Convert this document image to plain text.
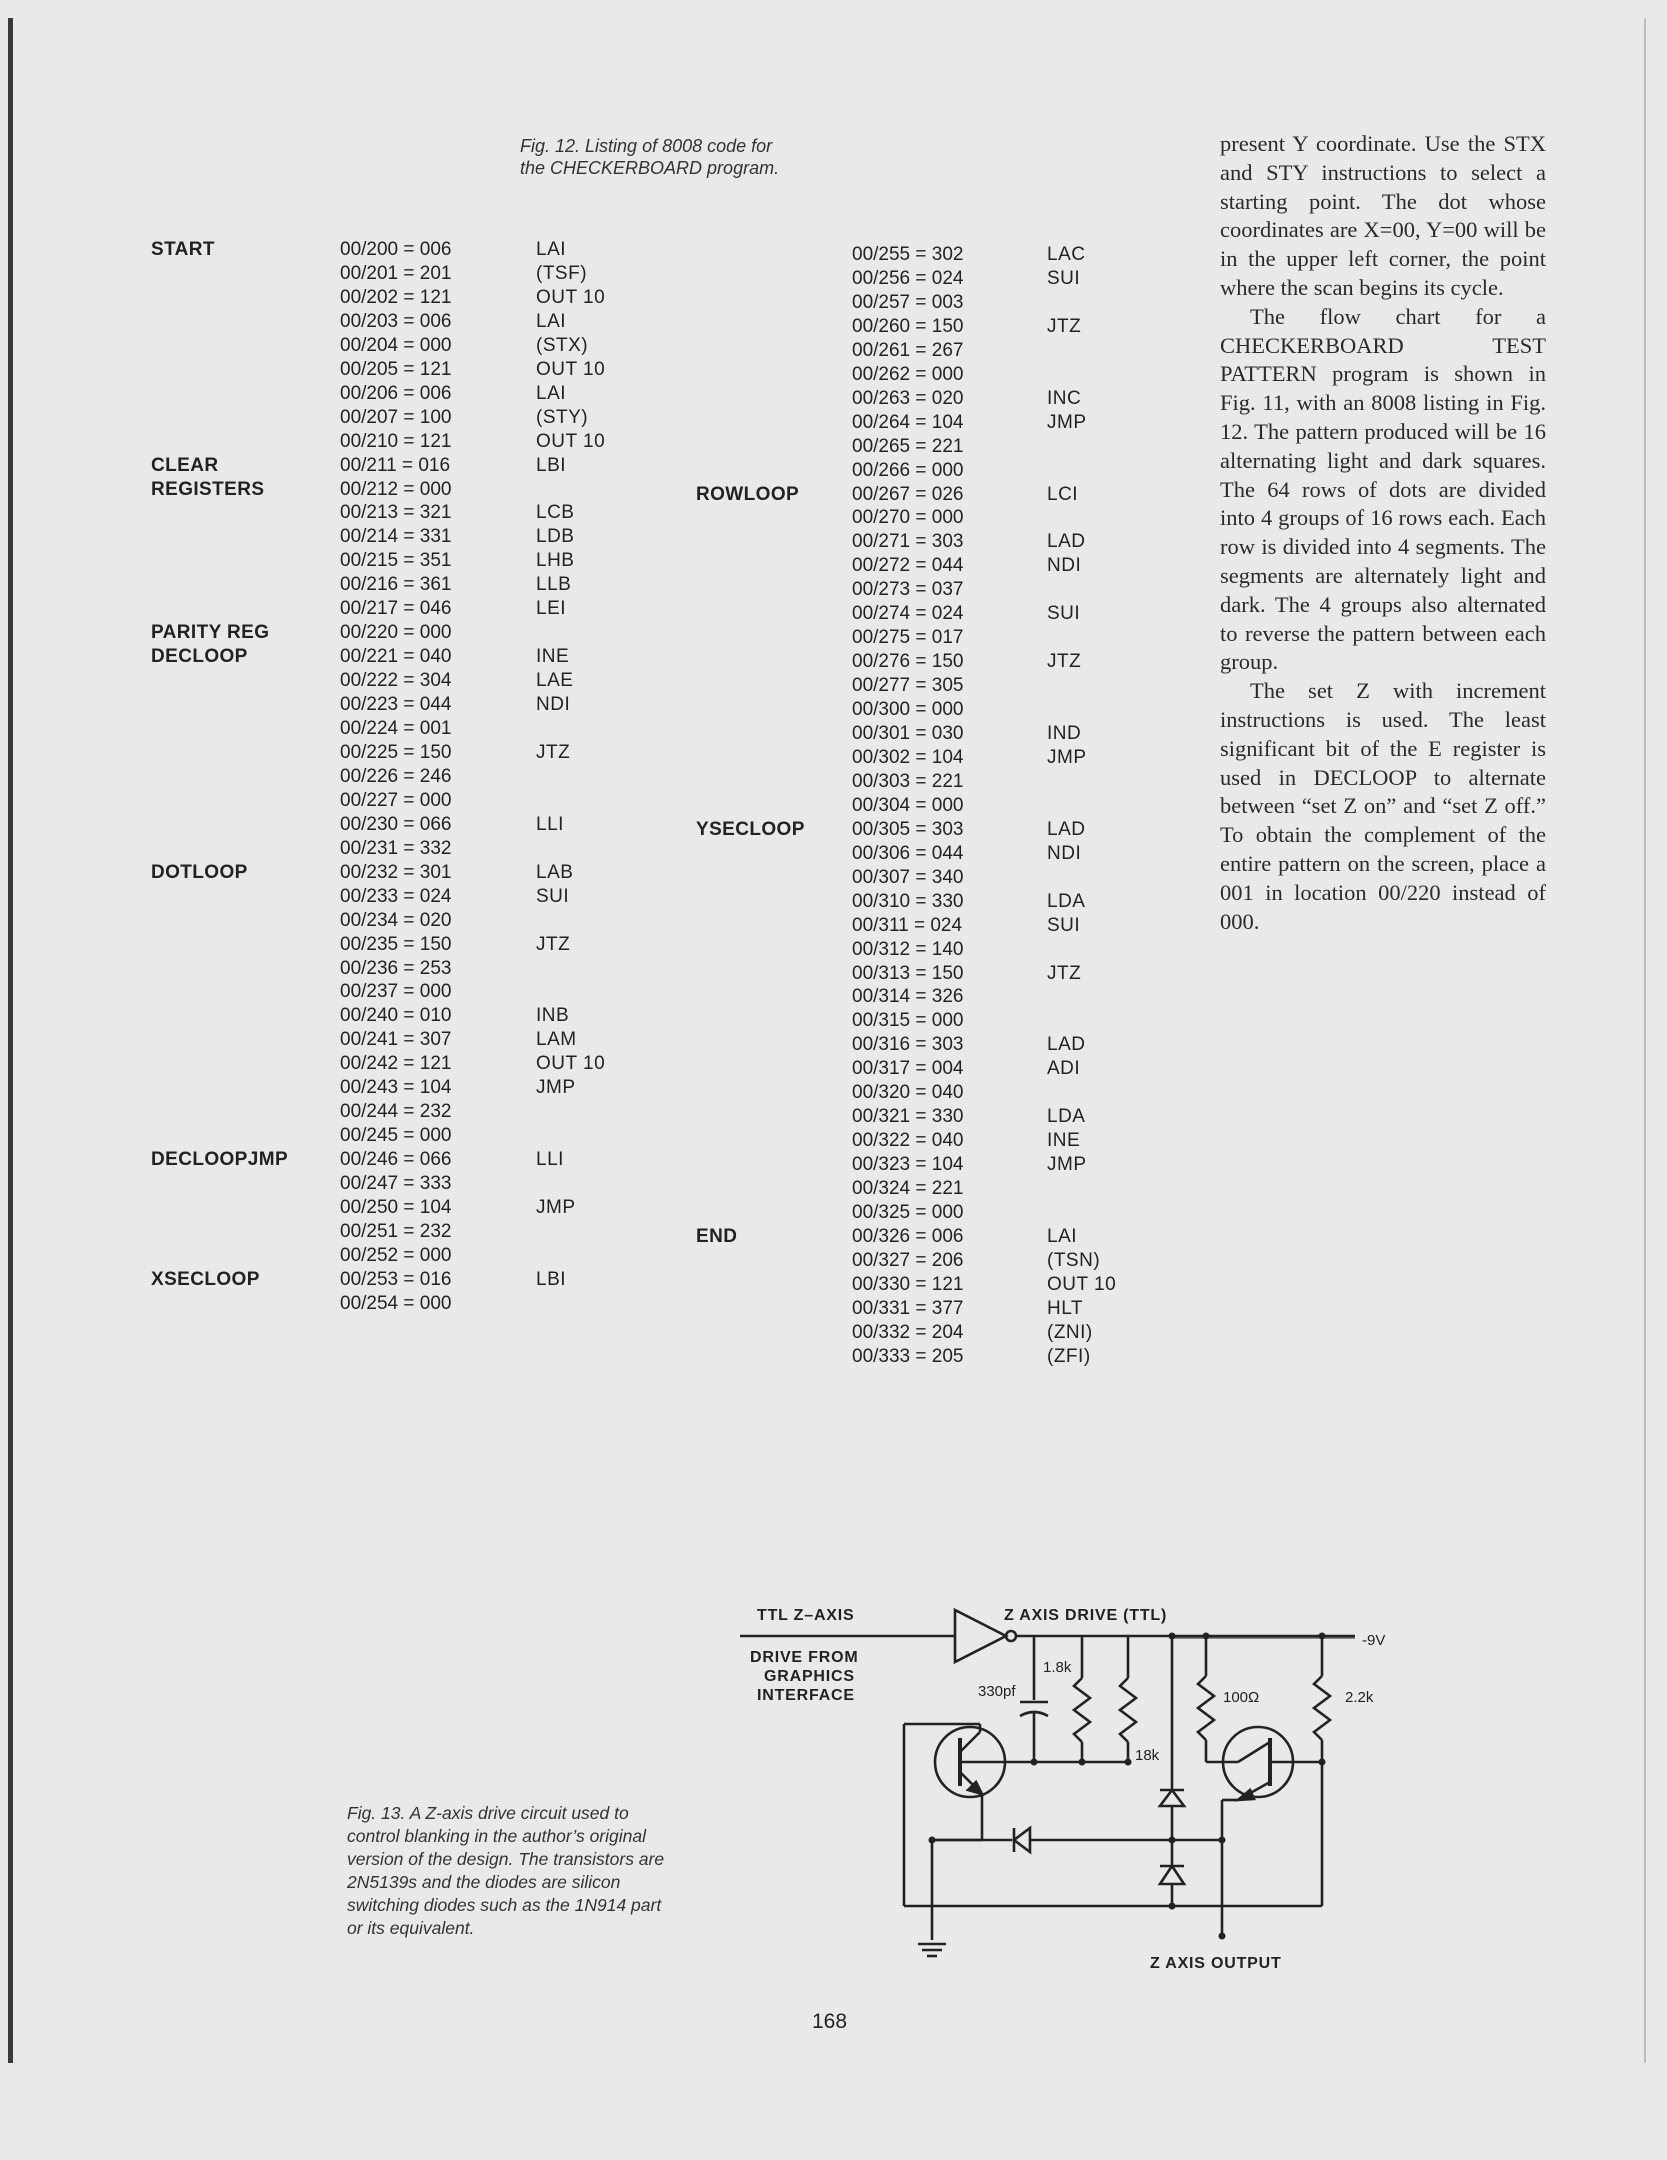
Fig. 12. Listing of 8008 code for
the CHECKERBOARD program.
START	00/200 = 006	LAI
00/201 = 201	(TSF)
00/202 = 121	OUT 10
00/203 = 006	LAI
00/204 = 000	(STX)
00/205 = 121	OUT 10
00/206 = 006	LAI
00/207 = 100	(STY)
00/210 = 121	OUT 10
CLEAR	00/211 = 016	LBI
REGISTERS	00/212 = 000
00/213 = 321	LCB
00/214 = 331	LDB
00/215 = 351	LHB
00/216 = 361	LLB
00/217 = 046	LEI
PARITY REG	00/220 = 000
DECLOOP	00/221 = 040	INE
00/222 = 304	LAE
00/223 = 044	NDI
00/224 = 001
00/225 = 150	JTZ
00/226 = 246
00/227 = 000
00/230 = 066	LLI
00/231 = 332
DOTLOOP	00/232 = 301	LAB
00/233 = 024	SUI
00/234 = 020
00/235 = 150	JTZ
00/236 = 253
00/237 = 000
00/240 = 010	INB
00/241 = 307	LAM
00/242 = 121	OUT 10
00/243 = 104	JMP
00/244 = 232
00/245 = 000
DECLOOPJMP	00/246 = 066	LLI
00/247 = 333
00/250 = 104	JMP
00/251 = 232
00/252 = 000
XSECLOOP	00/253 = 016	LBI
00/254 = 000
00/255 = 302	LAC
00/256 = 024	SUI
00/257 = 003
00/260 = 150	JTZ
00/261 = 267
00/262 = 000
00/263 = 020	INC
00/264 = 104	JMP
00/265 = 221
00/266 = 000
ROWLOOP	00/267 = 026	LCI
00/270 = 000
00/271 = 303	LAD
00/272 = 044	NDI
00/273 = 037
00/274 = 024	SUI
00/275 = 017
00/276 = 150	JTZ
00/277 = 305
00/300 = 000
00/301 = 030	IND
00/302 = 104	JMP
00/303 = 221
00/304 = 000
YSECLOOP 00/305 = 303	LAD
00/306 = 044	NDI
00/307 = 340
00/310 = 330	LDA
00/311 = 024	SUI
00/312 = 140
00/313 = 150	JTZ
00/314 = 326
00/315 = 000
00/316 = 303	LAD
00/317 = 004	ADI
00/320 = 040
00/321 = 330	LDA
00/322 = 040	INE
00/323 = 104	JMP
00/324 = 221
00/325 = 000
END	00/326 = 006	LAI
00/327 = 206	(TSN)
00/330 = 121	OUT 10
00/331 = 377	HLT
00/332 = 204	(ZNI)
00/333 = 205	(ZFI)

present Y coordinate. Use the STX and STY instructions to select a starting point. The dot whose coordinates are X=00, Y=00 will be in the upper left corner, the point where the scan begins its cycle.

The flow chart for a CHECKERBOARD TEST PATTERN program is shown in Fig. 11, with an 8008 listing in Fig. 12. The pattern produced will be 16 alternating light and dark squares. The 64 rows of dots are divided into 4 groups of 16 rows each. Each row is divided into 4 segments. The segments are alternately light and dark. The 4 groups also alternated to reverse the pattern between each group.

The set Z with increment instructions is used. The least significant bit of the E register is used in DECLOOP to alternate between “set Z on” and “set Z off.” To obtain the complement of the entire pattern on the screen, place a 001 in location 00/220 instead of 000.

Fig. 13. A Z-axis drive circuit used to control blanking in the author’s original version of the design. The transistors are 2N5139s and the diodes are silicon switching diodes such as the 1N914 part or its equivalent.
TTL Z–AXIS	Z AXIS DRIVE (TTL)
DRIVE FROM
GRAPHICS
INTERFACE
Z AXIS OUTPUT
330pf
1.8k
18k
100Ω	2.2k
-9V
168
